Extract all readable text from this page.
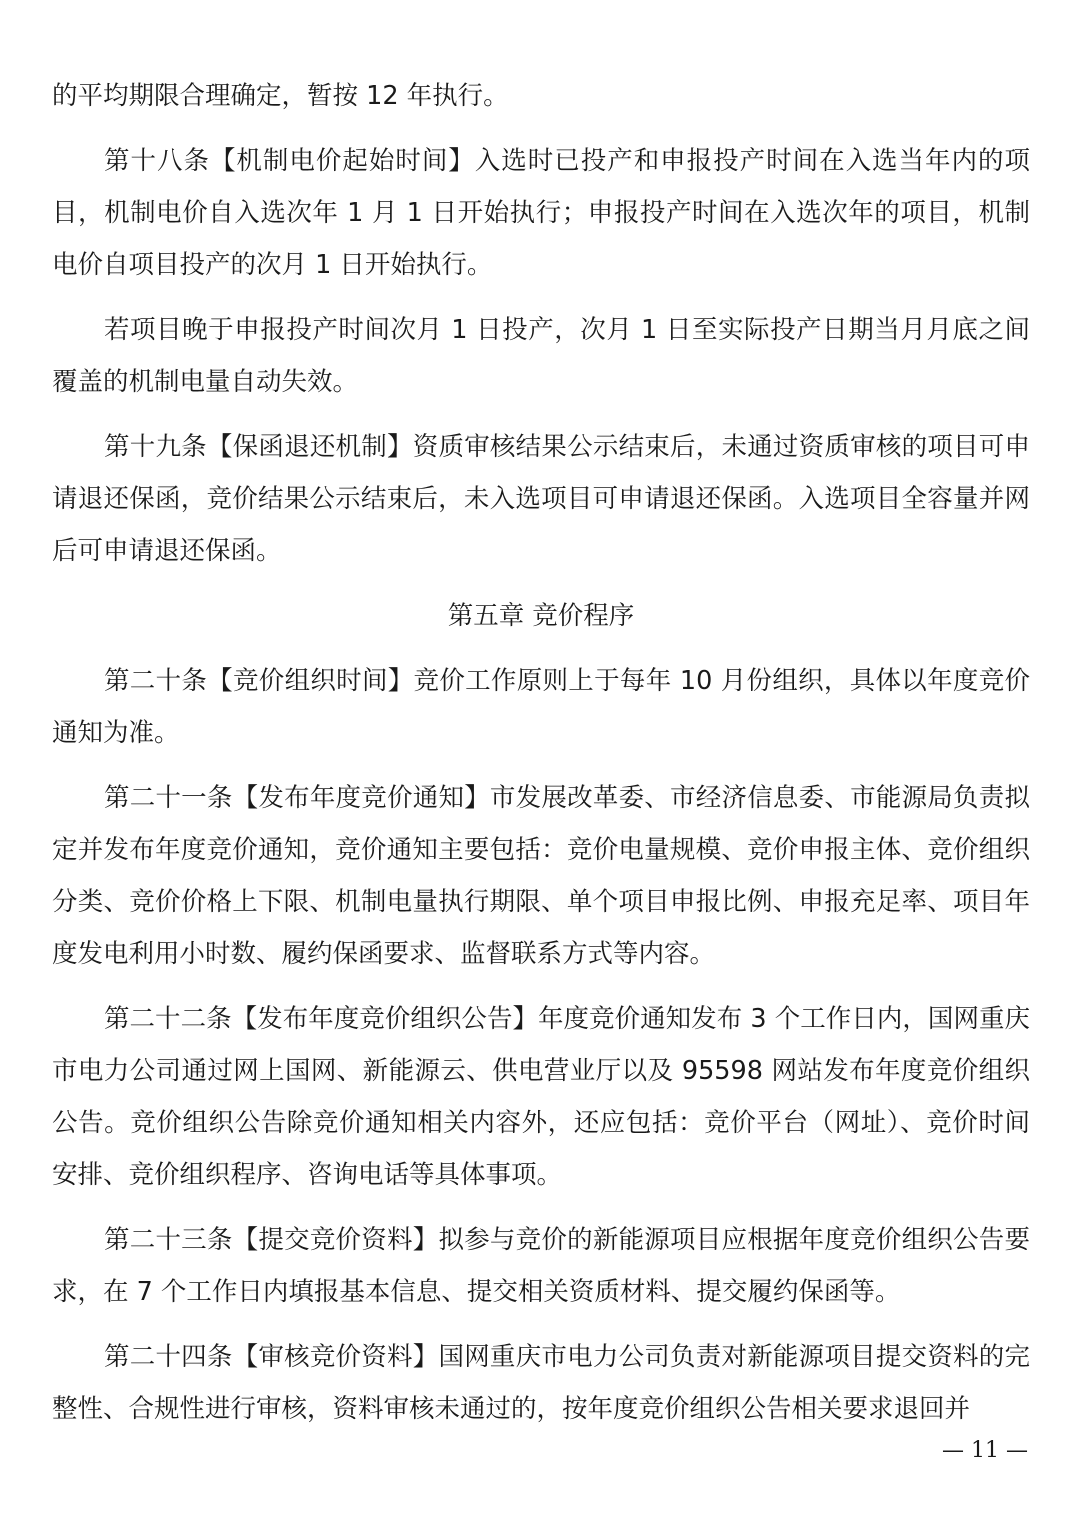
的平均期限合理确定，暂按 12 年执行。

第十八条【机制电价起始时间】入选时已投产和申报投产时间在入选当年内的项目，机制电价自入选次年 1 月 1 日开始执行；申报投产时间在入选次年的项目，机制电价自项目投产的次月 1 日开始执行。

若项目晚于申报投产时间次月 1 日投产，次月 1 日至实际投产日期当月月底之间覆盖的机制电量自动失效。

第十九条【保函退还机制】资质审核结果公示结束后，未通过资质审核的项目可申请退还保函，竞价结果公示结束后，未入选项目可申请退还保函。入选项目全容量并网后可申请退还保函。

第五章 竞价程序

第二十条【竞价组织时间】竞价工作原则上于每年 10 月份组织，具体以年度竞价通知为准。

第二十一条【发布年度竞价通知】市发展改革委、市经济信息委、市能源局负责拟定并发布年度竞价通知，竞价通知主要包括：竞价电量规模、竞价申报主体、竞价组织分类、竞价价格上下限、机制电量执行期限、单个项目申报比例、申报充足率、项目年度发电利用小时数、履约保函要求、监督联系方式等内容。

第二十二条【发布年度竞价组织公告】年度竞价通知发布 3 个工作日内，国网重庆市电力公司通过网上国网、新能源云、供电营业厅以及 95598 网站发布年度竞价组织公告。竞价组织公告除竞价通知相关内容外，还应包括：竞价平台（网址）、竞价时间安排、竞价组织程序、咨询电话等具体事项。

第二十三条【提交竞价资料】拟参与竞价的新能源项目应根据年度竞价组织公告要求，在 7 个工作日内填报基本信息、提交相关资质材料、提交履约保函等。

第二十四条【审核竞价资料】国网重庆市电力公司负责对新能源项目提交资料的完整性、合规性进行审核，资料审核未通过的，按年度竞价组织公告相关要求退回并

— 11 —
